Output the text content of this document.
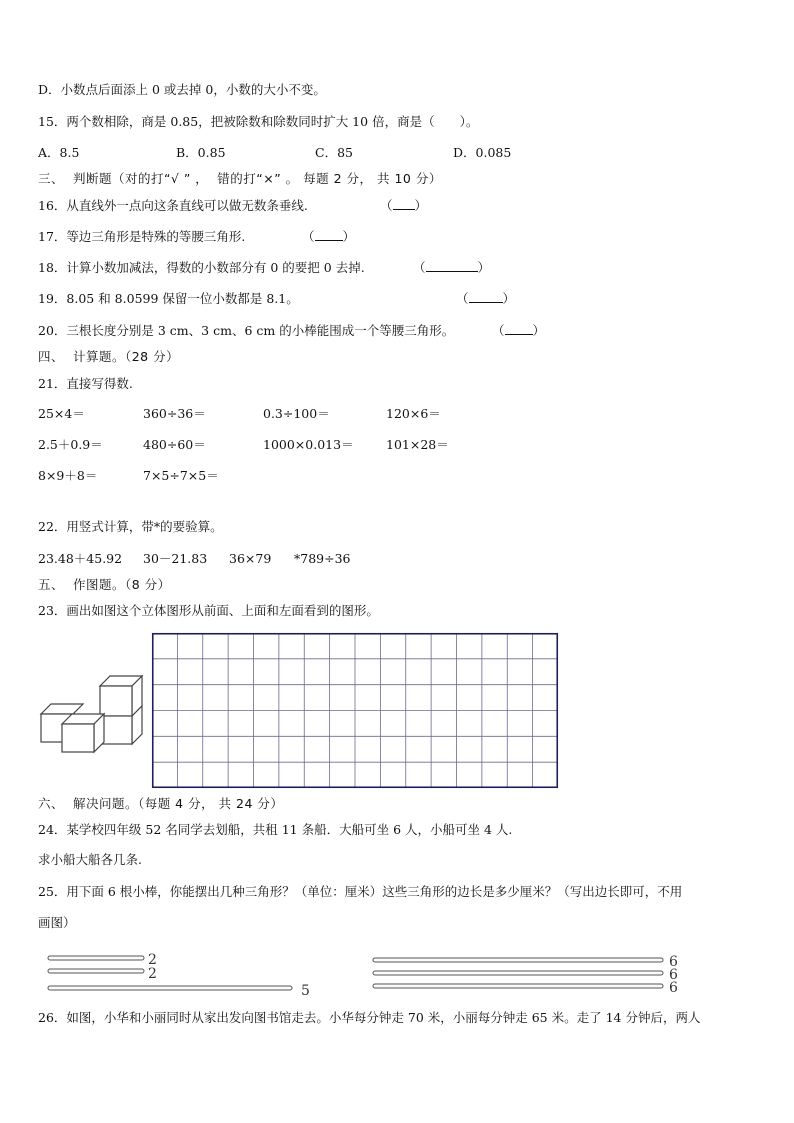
D．小数点后面添上 0 或去掉 0，小数的大小不变。
15．两个数相除，商是 0.85，把被除数和除数同时扩大 10 倍，商是（　　）。
A．8.5	B．0.85	C．85	D．0.085
三、  判断题（对的打“√ ” ，  错的打“×” 。 每题 2 分， 共 10 分）
16．从直线外一点向这条直线可以做无数条垂线.	（ ）
17．等边三角形是特殊的等腰三角形.	（ ）
18．计算小数加减法，得数的小数部分有 0 的要把 0 去掉.	（	）
19．8.05 和 8.0599 保留一位小数都是 8.1。	（	）
20．三根长度分别是 3 cm、3 cm、6 cm 的小棒能围成一个等腰三角形。	（ ）
四、  计算题。（28 分）
21．直接写得数.
25×4＝	360÷36＝	0.3÷100＝	120×6＝
2.5＋0.9＝	480÷60＝	1000×0.013＝	101×28＝
8×9＋8＝	7×5÷7×5＝
22．用竖式计算，带*的要验算。
23.48＋45.92 30－21.83 36×79 *789÷36
五、  作图题。（8 分）
23．画出如图这个立体图形从前面、上面和左面看到的图形。
六、  解决问题。（每题 4 分， 共 24 分）
24．某学校四年级 52 名同学去划船，共租 11 条船．大船可坐 6 人，小船可坐 4 人.
求小船大船各几条.
25．用下面 6 根小棒，你能摆出几种三角形？（单位：厘米）这些三角形的边长是多少厘米？（写出边长即可，不用
画图）
2
2
5
6
6
6
26．如图，小华和小丽同时从家出发向图书馆走去。小华每分钟走 70 米，小丽每分钟走 65 米。走了 14 分钟后，两人
